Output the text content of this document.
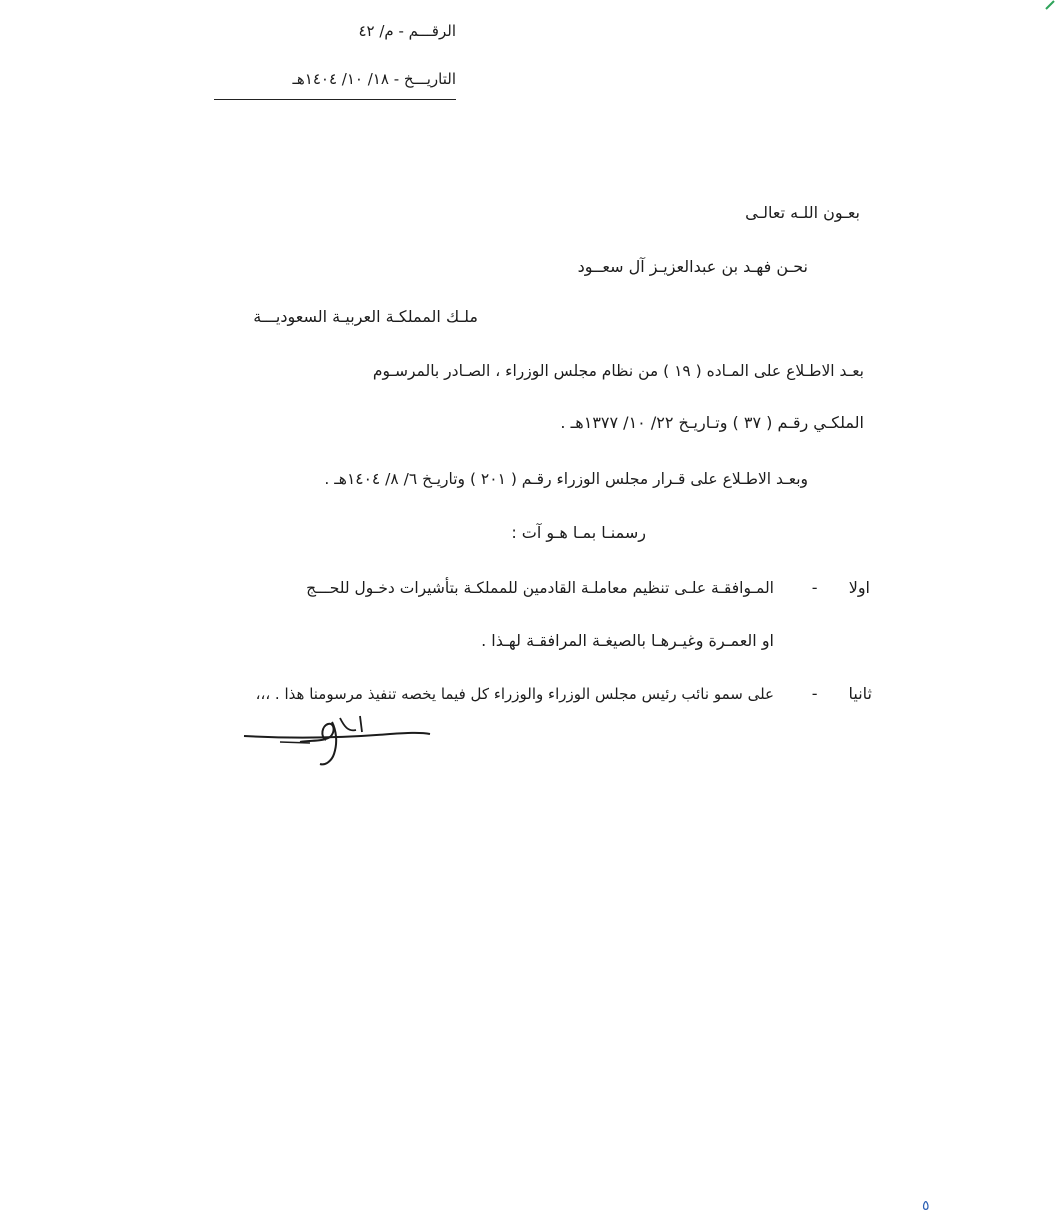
الرقـــم - م/ ٤٢
التاريـــخ - ١٨/ ١٠/ ١٤٠٤هـ
بعـون اللـه تعالـى
نحـن فهـد بن عبدالعزيـز آل سعــود
ملـك المملكـة العربيـة السعوديـــة
بعـد الاطـلاع على المـاده ( ١٩ ) من نظام مجلس الوزراء ، الصـادر بالمرسـوم
الملكـي رقـم ( ٣٧ ) وتـاريـخ ٢٢/ ١٠/ ١٣٧٧هـ .
وبعـد الاطـلاع على قـرار مجلس الوزراء رقـم ( ٢٠١ ) وتاريـخ ٦/ ٨/ ١٤٠٤هـ .
رسمنـا بمـا هـو آت :
اولا
-
المـوافقـة علـى تنظيم معاملـة القادمين للمملكـة بتأشيرات دخـول للحـــج
او العمـرة وغيـرهـا بالصيغـة المرافقـة لهـذا .
ثانيا
-
على سمو نائب رئيس مجلس الوزراء والوزراء كل فيما يخصه تنفيذ مرسومنا هذا . ،،،
٥
